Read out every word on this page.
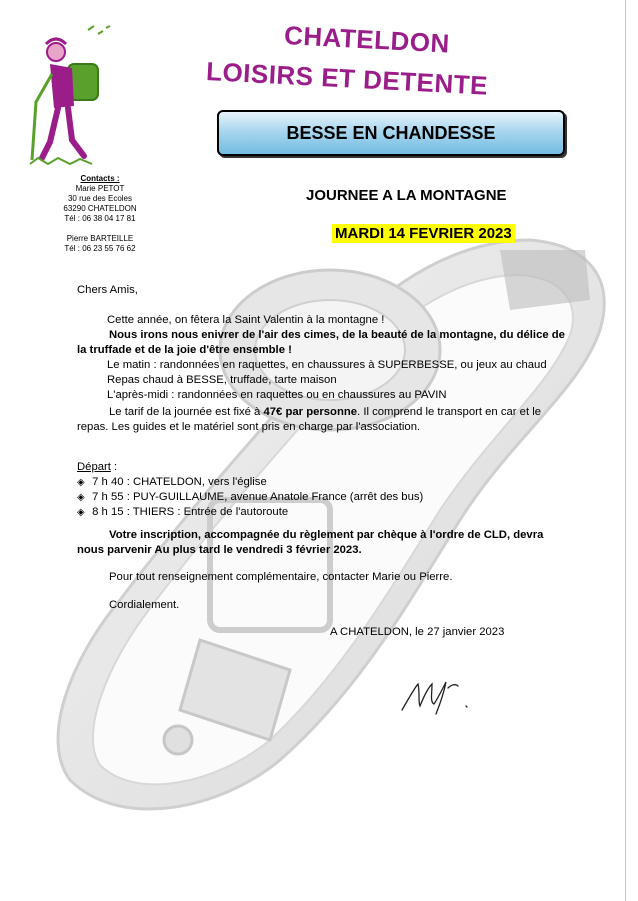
CHATELDON
LOISIRS ET DETENTE
BESSE EN CHANDESSE
Contacts :
Marie PETOT
30 rue des Ecoles
63290 CHATELDON
Tél : 06 38 04 17 81
Pierre BARTEILLE
Tél : 06 23 55 76 62
JOURNEE A LA MONTAGNE
MARDI 14 FEVRIER 2023
Chers Amis,

Cette année, on fêtera la Saint Valentin à la montagne !

Nous irons nous enivrer de l'air des cimes, de la beauté de la montagne, du délice de la truffade et de la joie d'être ensemble !

Le matin : randonnées en raquettes, en chaussures à SUPERBESSE, ou jeux au chaud

Repas chaud à BESSE, truffade, tarte maison

L'après-midi : randonnées en raquettes ou en chaussures au PAVIN

Le tarif de la journée est fixé à 47€ par personne. Il comprend le transport en car et le repas. Les guides et le matériel sont pris en charge par l'association.

Départ :

◈ 7 h 40 : CHATELDON, vers l'église

◈ 7 h 55 : PUY-GUILLAUME, avenue Anatole France (arrêt des bus)

◈ 8 h 15 : THIERS : Entrée de l'autoroute

Votre inscription, accompagnée du règlement par chèque à l'ordre de CLD, devra nous parvenir Au plus tard le vendredi 3 février 2023.

Pour tout renseignement complémentaire, contacter Marie ou Pierre.

Cordialement.

A CHATELDON, le 27 janvier 2023
